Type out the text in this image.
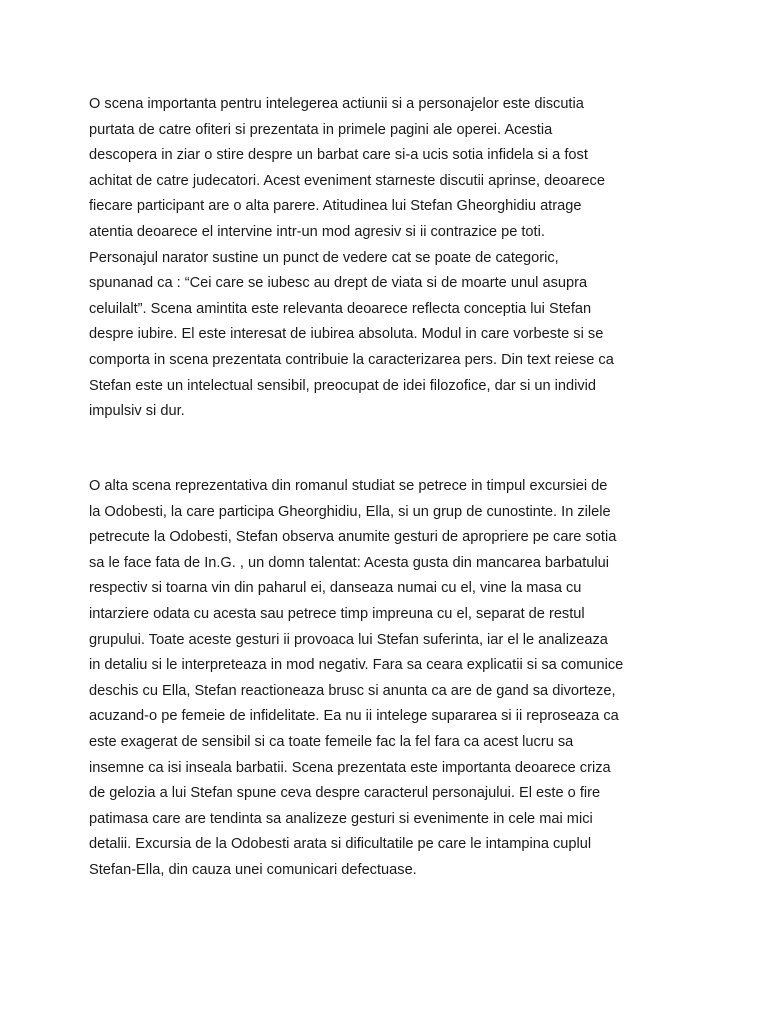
O scena importanta pentru intelegerea actiunii si a personajelor este discutia
purtata de catre ofiteri si prezentata in primele pagini ale operei. Acestia
descopera in ziar o stire despre un barbat care si-a ucis sotia infidela si a fost
achitat de catre judecatori. Acest eveniment starneste discutii aprinse, deoarece
fiecare participant are o alta parere. Atitudinea lui Stefan Gheorghidiu atrage
atentia deoarece el intervine intr-un mod agresiv si ii contrazice pe toti.
Personajul narator sustine un punct de vedere cat se poate de categoric,
spunanad ca : “Cei care se iubesc au drept de viata si de moarte unul asupra
celuilalt”. Scena amintita este relevanta deoarece reflecta conceptia lui Stefan
despre iubire. El este interesat de iubirea absoluta. Modul in care vorbeste si se
comporta in scena prezentata contribuie la caracterizarea pers. Din text reiese ca
Stefan este un intelectual sensibil, preocupat de idei filozofice, dar si un individ
impulsiv si dur.

O alta scena reprezentativa din romanul studiat se petrece in timpul excursiei de
la Odobesti, la care participa Gheorghidiu, Ella, si un grup de cunostinte. In zilele
petrecute la Odobesti, Stefan observa anumite gesturi de apropriere pe care sotia
sa le face fata de In.G. , un domn talentat: Acesta gusta din mancarea barbatului
respectiv si toarna vin din paharul ei, danseaza numai cu el, vine la masa cu
intarziere odata cu acesta sau petrece timp impreuna cu el, separat de restul
grupului. Toate aceste gesturi ii provoaca lui Stefan suferinta, iar el le analizeaza
in detaliu si le interpreteaza in mod negativ. Fara sa ceara explicatii si sa comunice
deschis cu Ella, Stefan reactioneaza brusc si anunta ca are de gand sa divorteze,
acuzand-o pe femeie de infidelitate. Ea nu ii intelege supararea si ii reproseaza ca
este exagerat de sensibil si ca toate femeile fac la fel fara ca acest lucru sa
insemne ca isi inseala barbatii. Scena prezentata este importanta deoarece criza
de gelozia a lui Stefan spune ceva despre caracterul personajului. El este o fire
patimasa care are tendinta sa analizeze gesturi si evenimente in cele mai mici
detalii. Excursia de la Odobesti arata si dificultatile pe care le intampina cuplul
Stefan-Ella, din cauza unei comunicari defectuase.
